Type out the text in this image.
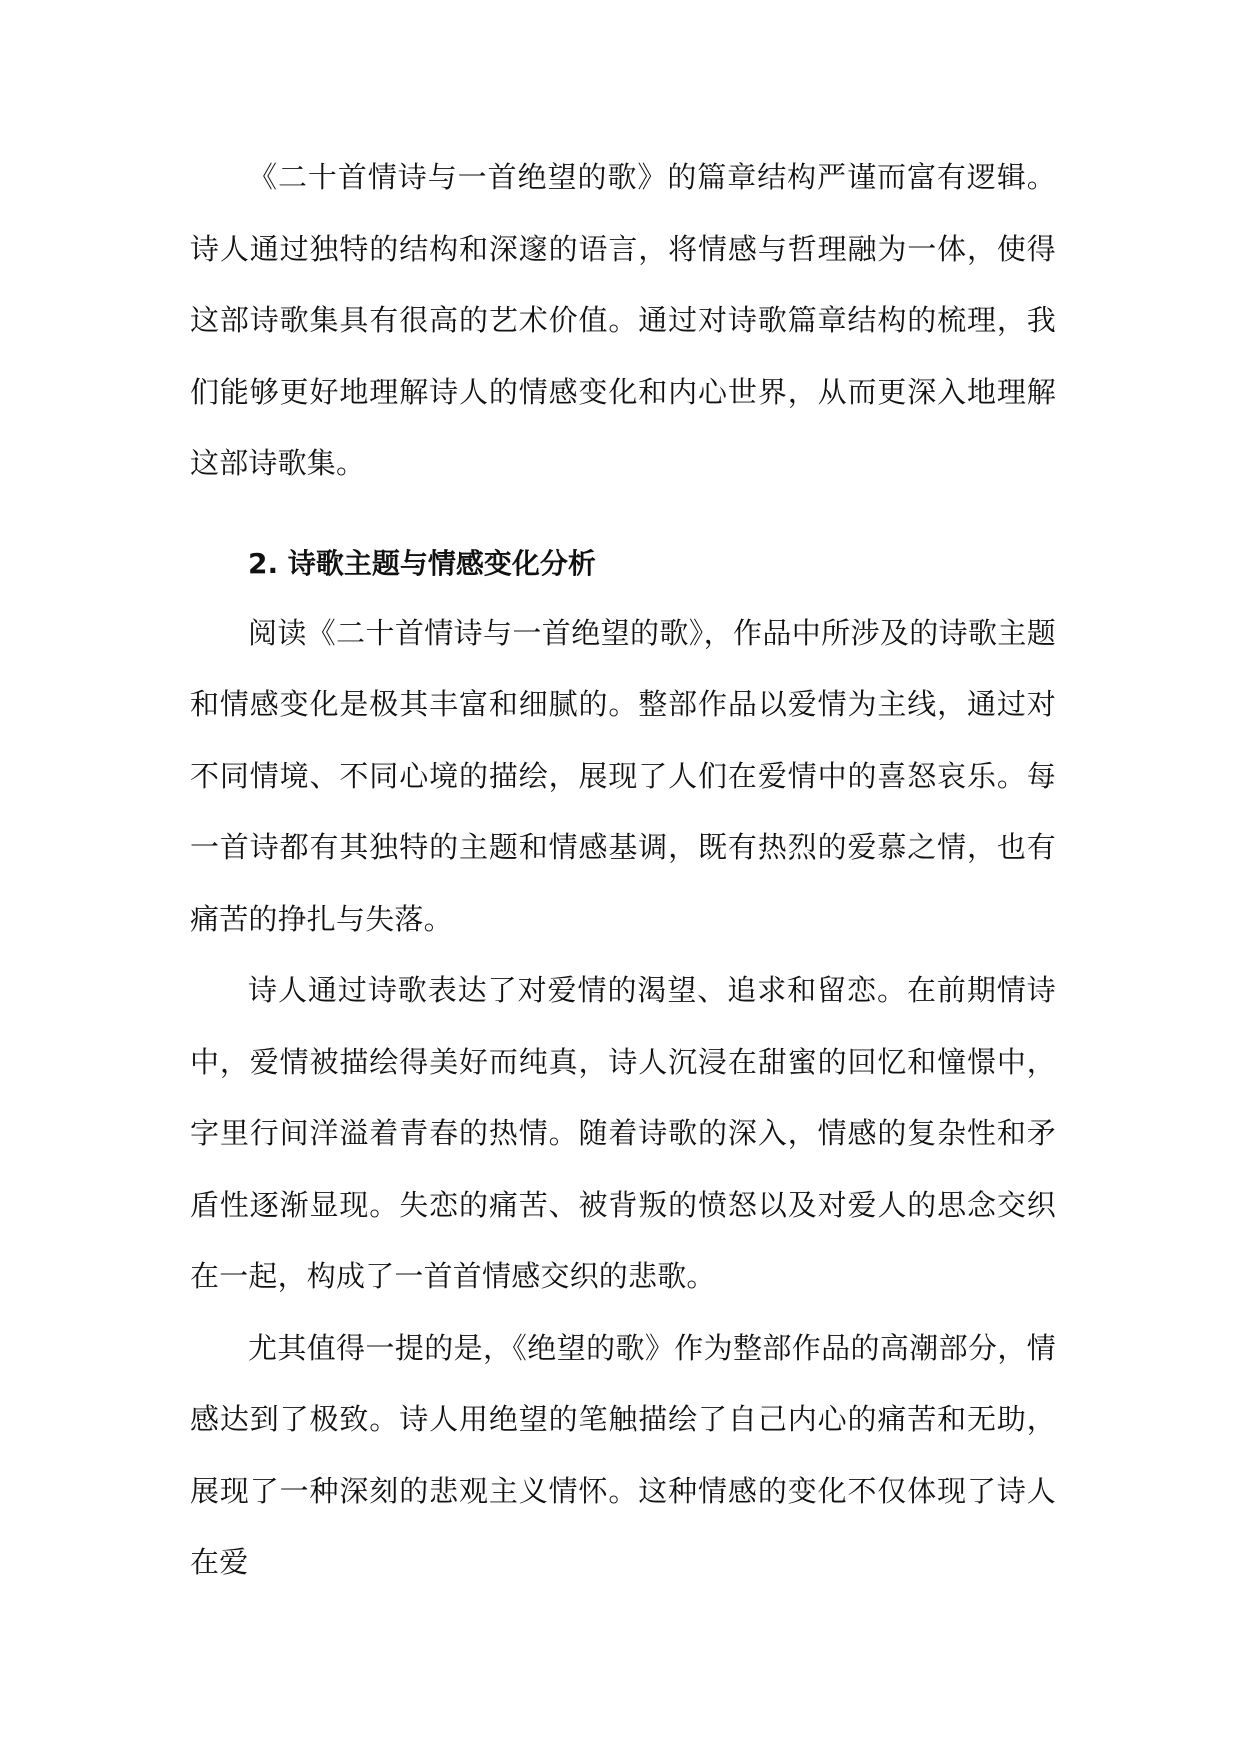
《二十首情诗与一首绝望的歌》的篇章结构严谨而富有逻辑。诗人通过独特的结构和深邃的语言，将情感与哲理融为一体，使得这部诗歌集具有很高的艺术价值。通过对诗歌篇章结构的梳理，我们能够更好地理解诗人的情感变化和内心世界，从而更深入地理解这部诗歌集。

2. 诗歌主题与情感变化分析

阅读《二十首情诗与一首绝望的歌》，作品中所涉及的诗歌主题和情感变化是极其丰富和细腻的。整部作品以爱情为主线，通过对不同情境、不同心境的描绘，展现了人们在爱情中的喜怒哀乐。每一首诗都有其独特的主题和情感基调，既有热烈的爱慕之情，也有痛苦的挣扎与失落。

诗人通过诗歌表达了对爱情的渴望、追求和留恋。在前期情诗中，爱情被描绘得美好而纯真，诗人沉浸在甜蜜的回忆和憧憬中，字里行间洋溢着青春的热情。随着诗歌的深入，情感的复杂性和矛盾性逐渐显现。失恋的痛苦、被背叛的愤怒以及对爱人的思念交织在一起，构成了一首首情感交织的悲歌。

尤其值得一提的是，《绝望的歌》作为整部作品的高潮部分，情感达到了极致。诗人用绝望的笔触描绘了自己内心的痛苦和无助，展现了一种深刻的悲观主义情怀。这种情感的变化不仅体现了诗人在爱
